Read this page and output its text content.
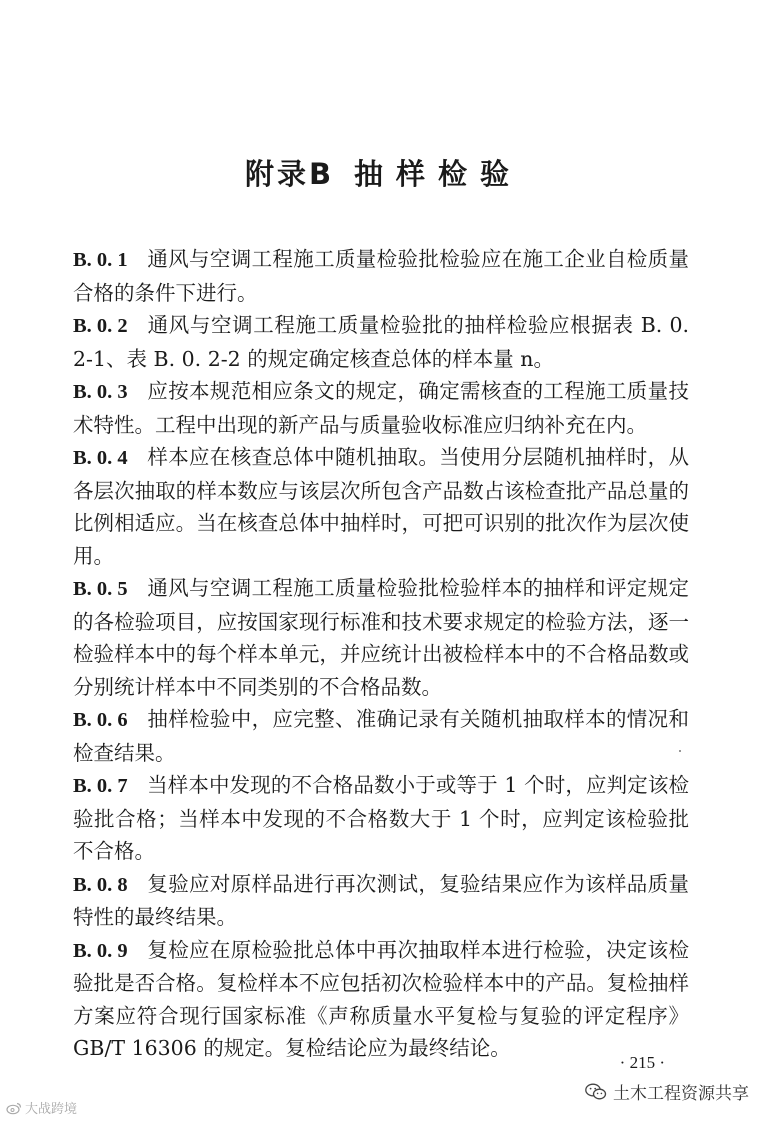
附录B 抽样检验

B. 0. 1 通风与空调工程施工质量检验批检验应在施工企业自检质量合格的条件下进行。

B. 0. 2 通风与空调工程施工质量检验批的抽样检验应根据表 B. 0. 2-1、表 B. 0. 2-2 的规定确定核查总体的样本量 n。

B. 0. 3 应按本规范相应条文的规定，确定需核查的工程施工质量技术特性。工程中出现的新产品与质量验收标准应归纳补充在内。

B. 0. 4 样本应在核查总体中随机抽取。当使用分层随机抽样时，从各层次抽取的样本数应与该层次所包含产品数占该检查批产品总量的比例相适应。当在核查总体中抽样时，可把可识别的批次作为层次使用。

B. 0. 5 通风与空调工程施工质量检验批检验样本的抽样和评定规定的各检验项目，应按国家现行标准和技术要求规定的检验方法，逐一检验样本中的每个样本单元，并应统计出被检样本中的不合格品数或分别统计样本中不同类别的不合格品数。

B. 0. 6 抽样检验中，应完整、准确记录有关随机抽取样本的情况和检查结果。

B. 0. 7 当样本中发现的不合格品数小于或等于 1 个时，应判定该检验批合格；当样本中发现的不合格数大于 1 个时，应判定该检验批不合格。

B. 0. 8 复验应对原样品进行再次测试，复验结果应作为该样品质量特性的最终结果。

B. 0. 9 复检应在原检验批总体中再次抽取样本进行检验，决定该检验批是否合格。复检样本不应包括初次检验样本中的产品。复检抽样方案应符合现行国家标准《声称质量水平复检与复验的评定程序》GB/T 16306 的规定。复检结论应为最终结论。

· 215 ·
土木工程资源共享
大战跨境
